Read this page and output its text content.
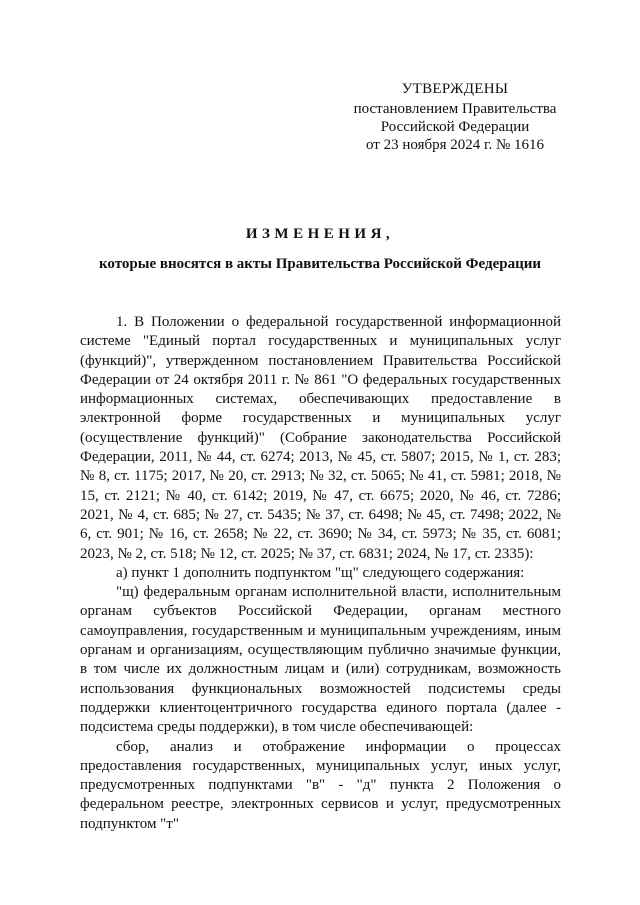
УТВЕРЖДЕНЫ
постановлением Правительства
Российской Федерации
от 23 ноября 2024 г. № 1616
ИЗМЕНЕНИЯ,
которые вносятся в акты Правительства Российской Федерации

1. В Положении о федеральной государственной информационной системе "Единый портал государственных и муниципальных услуг (функций)", утвержденном постановлением Правительства Российской Федерации от 24 октября 2011 г. № 861 "О федеральных государственных информационных системах, обеспечивающих предоставление в электронной форме государственных и муниципальных услуг (осуществление функций)" (Собрание законодательства Российской Федерации, 2011, № 44, ст. 6274; 2013, № 45, ст. 5807; 2015, № 1, ст. 283; № 8, ст. 1175; 2017, № 20, ст. 2913; № 32, ст. 5065; № 41, ст. 5981; 2018, № 15, ст. 2121; № 40, ст. 6142; 2019, № 47, ст. 6675; 2020, № 46, ст. 7286; 2021, № 4, ст. 685; № 27, ст. 5435; № 37, ст. 6498; № 45, ст. 7498; 2022, № 6, ст. 901; № 16, ст. 2658; № 22, ст. 3690; № 34, ст. 5973; № 35, ст. 6081; 2023, № 2, ст. 518; № 12, ст. 2025; № 37, ст. 6831; 2024, № 17, ст. 2335):

а) пункт 1 дополнить подпунктом "щ" следующего содержания:

"щ) федеральным органам исполнительной власти, исполнительным органам субъектов Российской Федерации, органам местного самоуправления, государственным и муниципальным учреждениям, иным органам и организациям, осуществляющим публично значимые функции, в том числе их должностным лицам и (или) сотрудникам, возможность использования функциональных возможностей подсистемы среды поддержки клиентоцентричного государства единого портала (далее - подсистема среды поддержки), в том числе обеспечивающей:

сбор, анализ и отображение информации о процессах предоставления государственных, муниципальных услуг, иных услуг, предусмотренных подпунктами "в" - "д" пункта 2 Положения о федеральном реестре, электронных сервисов и услуг, предусмотренных подпунктом "т"
